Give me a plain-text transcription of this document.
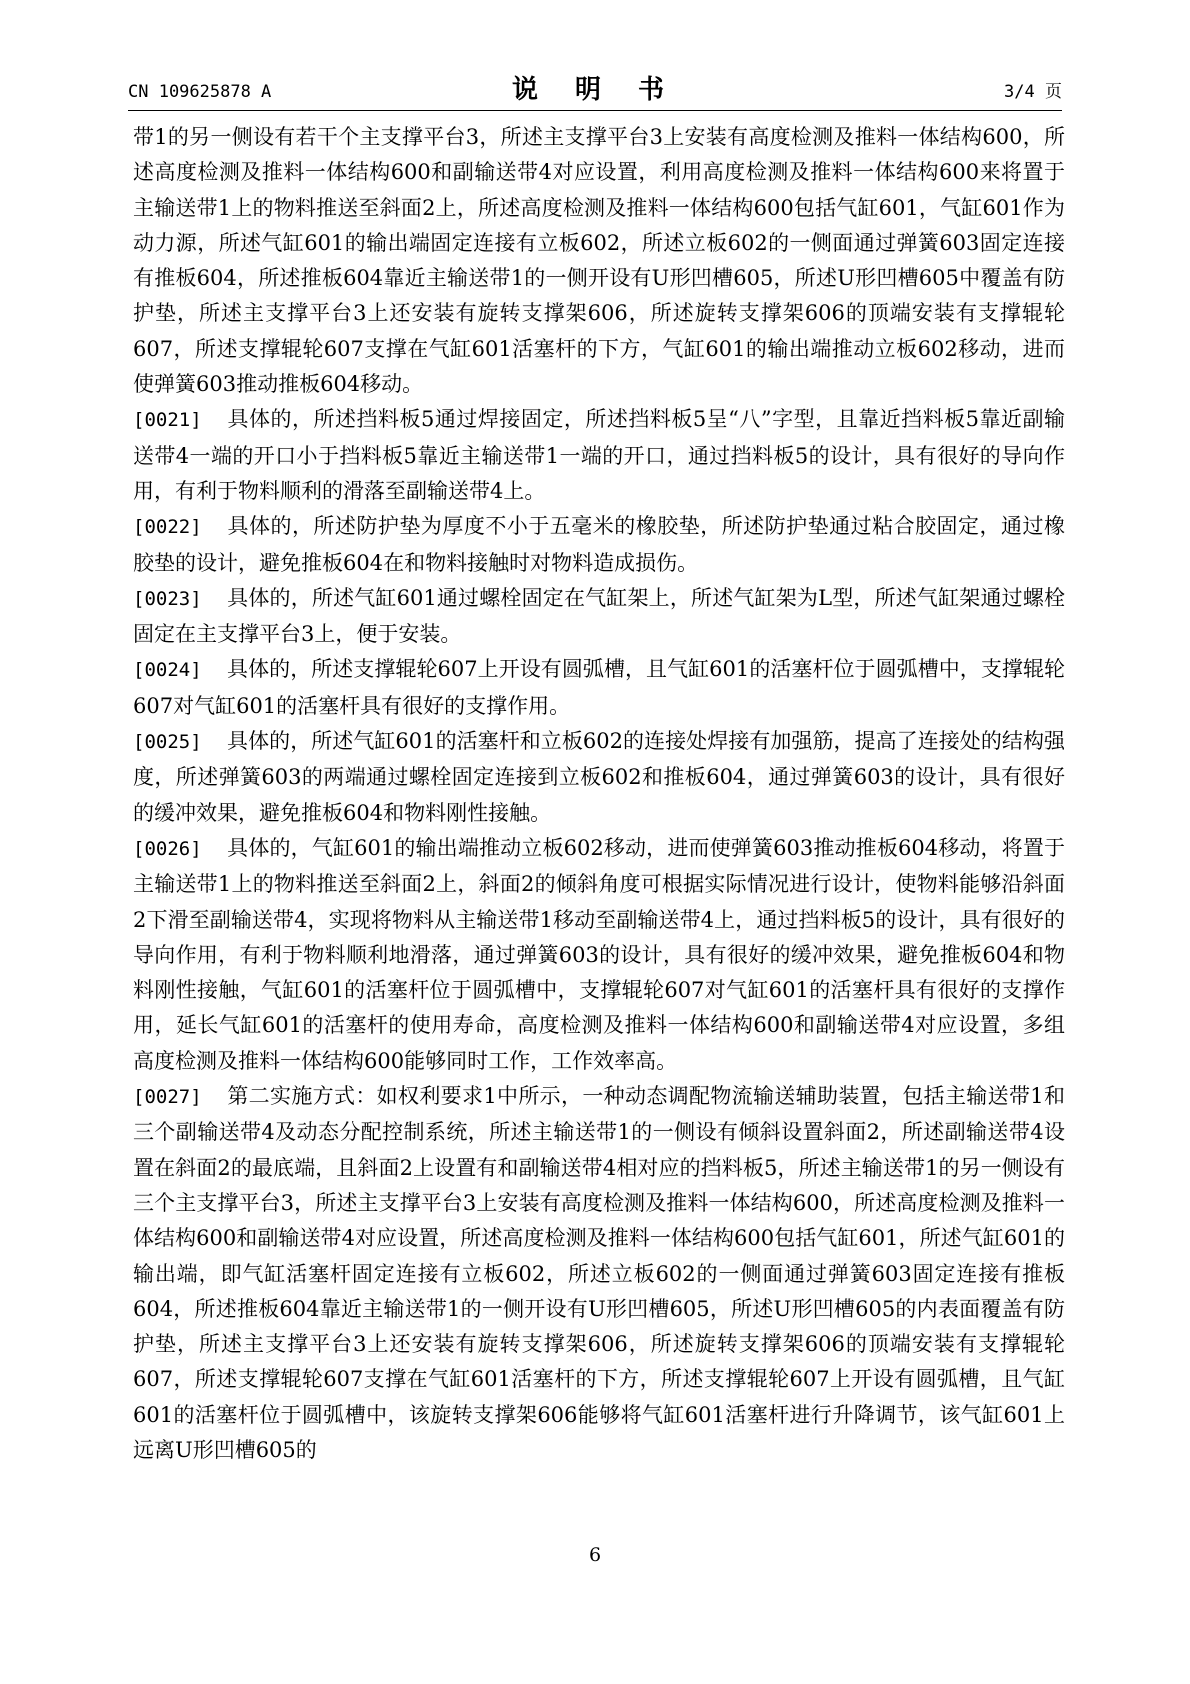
CN 109625878 A	说 明 书	3/4 页

带1的另一侧设有若干个主支撑平台3，所述主支撑平台3上安装有高度检测及推料一体结构600，所述高度检测及推料一体结构600和副输送带4对应设置，利用高度检测及推料一体结构600来将置于主输送带1上的物料推送至斜面2上，所述高度检测及推料一体结构600包括气缸601，气缸601作为动力源，所述气缸601的输出端固定连接有立板602，所述立板602的一侧面通过弹簧603固定连接有推板604，所述推板604靠近主输送带1的一侧开设有U形凹槽605，所述U形凹槽605中覆盖有防护垫，所述主支撑平台3上还安装有旋转支撑架606，所述旋转支撑架606的顶端安装有支撑辊轮607，所述支撑辊轮607支撑在气缸601活塞杆的下方，气缸601的输出端推动立板602移动，进而使弹簧603推动推板604移动。

[0021] 具体的，所述挡料板5通过焊接固定，所述挡料板5呈“八”字型，且靠近挡料板5靠近副输送带4一端的开口小于挡料板5靠近主输送带1一端的开口，通过挡料板5的设计，具有很好的导向作用，有利于物料顺利的滑落至副输送带4上。

[0022] 具体的，所述防护垫为厚度不小于五毫米的橡胶垫，所述防护垫通过粘合胶固定，通过橡胶垫的设计，避免推板604在和物料接触时对物料造成损伤。

[0023] 具体的，所述气缸601通过螺栓固定在气缸架上，所述气缸架为L型，所述气缸架通过螺栓固定在主支撑平台3上，便于安装。

[0024] 具体的，所述支撑辊轮607上开设有圆弧槽，且气缸601的活塞杆位于圆弧槽中，支撑辊轮607对气缸601的活塞杆具有很好的支撑作用。

[0025] 具体的，所述气缸601的活塞杆和立板602的连接处焊接有加强筋，提高了连接处的结构强度，所述弹簧603的两端通过螺栓固定连接到立板602和推板604，通过弹簧603的设计，具有很好的缓冲效果，避免推板604和物料刚性接触。

[0026] 具体的，气缸601的输出端推动立板602移动，进而使弹簧603推动推板604移动，将置于主输送带1上的物料推送至斜面2上，斜面2的倾斜角度可根据实际情况进行设计，使物料能够沿斜面2下滑至副输送带4，实现将物料从主输送带1移动至副输送带4上，通过挡料板5的设计，具有很好的导向作用，有利于物料顺利地滑落，通过弹簧603的设计，具有很好的缓冲效果，避免推板604和物料刚性接触，气缸601的活塞杆位于圆弧槽中，支撑辊轮607对气缸601的活塞杆具有很好的支撑作用，延长气缸601的活塞杆的使用寿命，高度检测及推料一体结构600和副输送带4对应设置，多组高度检测及推料一体结构600能够同时工作，工作效率高。

[0027] 第二实施方式：如权利要求1中所示，一种动态调配物流输送辅助装置，包括主输送带1和三个副输送带4及动态分配控制系统，所述主输送带1的一侧设有倾斜设置斜面2，所述副输送带4设置在斜面2的最底端，且斜面2上设置有和副输送带4相对应的挡料板5，所述主输送带1的另一侧设有三个主支撑平台3，所述主支撑平台3上安装有高度检测及推料一体结构600，所述高度检测及推料一体结构600和副输送带4对应设置，所述高度检测及推料一体结构600包括气缸601，所述气缸601的输出端，即气缸活塞杆固定连接有立板602，所述立板602的一侧面通过弹簧603固定连接有推板604，所述推板604靠近主输送带1的一侧开设有U形凹槽605，所述U形凹槽605的内表面覆盖有防护垫，所述主支撑平台3上还安装有旋转支撑架606，所述旋转支撑架606的顶端安装有支撑辊轮607，所述支撑辊轮607支撑在气缸601活塞杆的下方，所述支撑辊轮607上开设有圆弧槽，且气缸601的活塞杆位于圆弧槽中，该旋转支撑架606能够将气缸601活塞杆进行升降调节，该气缸601上远离U形凹槽605的

6
